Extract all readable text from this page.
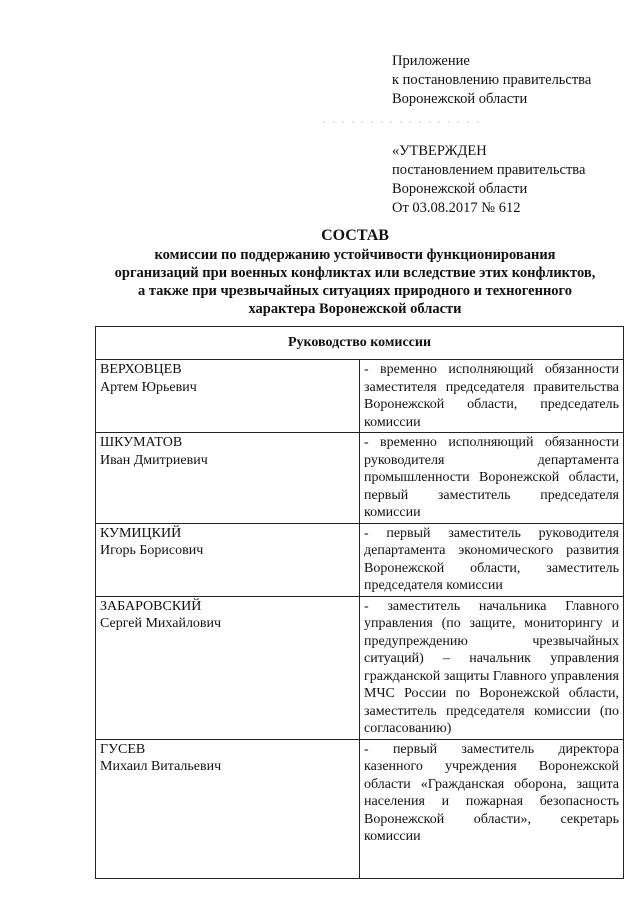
Приложение
к постановлению правительства
Воронежской области
· · · · · · · · · · · · · · · · ·
«УТВЕРЖДЕН
постановлением правительства
Воронежской области
От 03.08.2017 № 612
СОСТАВ
комиссии по поддержанию устойчивости функционирования
организаций при военных конфликтах или вследствие этих конфликтов,
а также при чрезвычайных ситуациях природного и техногенного
характера Воронежской области
Руководство комиссии	

ВЕРХОВЦЕВ
Артем Юрьевич	- временно исполняющий обязанности заместителя председателя правительства Воронежской области, председатель комиссии

ШКУМАТОВ
Иван Дмитриевич	- временно исполняющий обязанности руководителя департамента промышленности Воронежской области, первый заместитель председателя комиссии

КУМИЦКИЙ
Игорь Борисович	- первый заместитель руководителя департамента экономического развития Воронежской области, заместитель председателя комиссии

ЗАБАРОВСКИЙ
Сергей Михайлович	- заместитель начальника Главного управления (по защите, мониторингу и предупреждению чрезвычайных ситуаций) – начальник управления гражданской защиты Главного управления МЧС России по Воронежской области, заместитель председателя комиссии (по согласованию)

ГУСЕВ
Михаил Витальевич	- первый заместитель директора казенного учреждения Воронежской области «Гражданская оборона, защита населения и пожарная безопасность Воронежской области», секретарь комиссии
